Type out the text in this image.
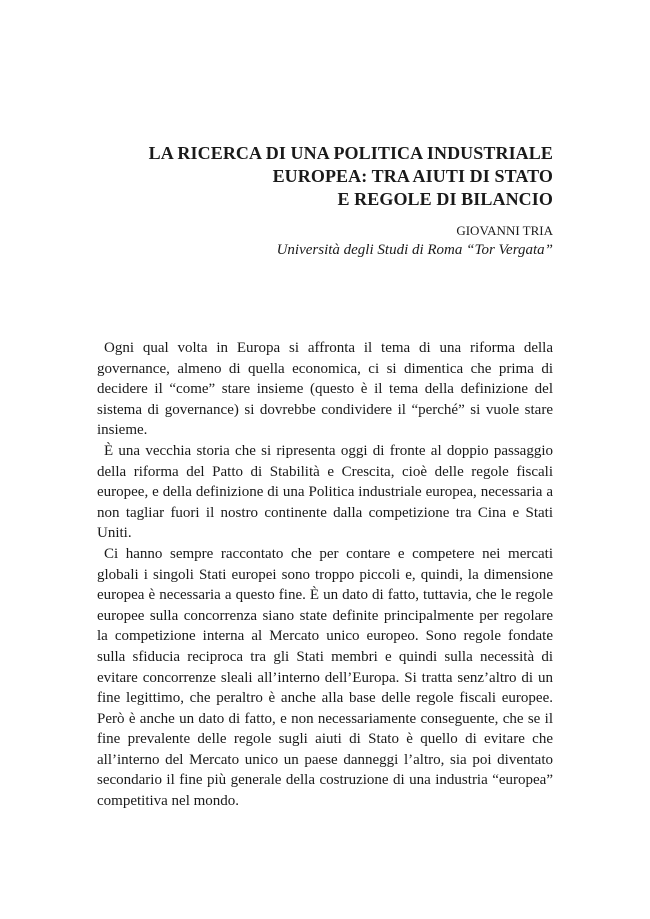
LA RICERCA DI UNA POLITICA INDUSTRIALE
EUROPEA: TRA AIUTI DI STATO
E REGOLE DI BILANCIO
GIOVANNI TRIA
Università degli Studi di Roma “Tor Vergata”

Ogni qual volta in Europa si affronta il tema di una riforma della governance, almeno di quella economica, ci si dimentica che prima di decidere il “come” stare insieme (questo è il tema della definizione del sistema di governance) si dovrebbe condividere il “perché” si vuole stare insieme.

È una vecchia storia che si ripresenta oggi di fronte al doppio passaggio della riforma del Patto di Stabilità e Crescita, cioè delle regole fiscali europee, e della definizione di una Politica industriale europea, necessaria a non tagliar fuori il nostro continente dalla competizione tra Cina e Stati Uniti.

Ci hanno sempre raccontato che per contare e competere nei mercati globali i singoli Stati europei sono troppo piccoli e, quindi, la dimensione europea è necessaria a questo fine. È un dato di fatto, tuttavia, che le regole europee sulla concorrenza siano state definite principalmente per regolare la competizione interna al Mercato unico europeo. Sono regole fondate sulla sfiducia reciproca tra gli Stati membri e quindi sulla necessità di evitare concorrenze sleali all’interno dell’Europa. Si tratta senz’altro di un fine legittimo, che peraltro è anche alla base delle regole fiscali europee. Però è anche un dato di fatto, e non necessariamente conseguente, che se il fine prevalente delle regole sugli aiuti di Stato è quello di evitare che all’interno del Mercato unico un paese danneggi l’altro, sia poi diventato secondario il fine più generale della costruzione di una industria “europea” competitiva nel mondo.
